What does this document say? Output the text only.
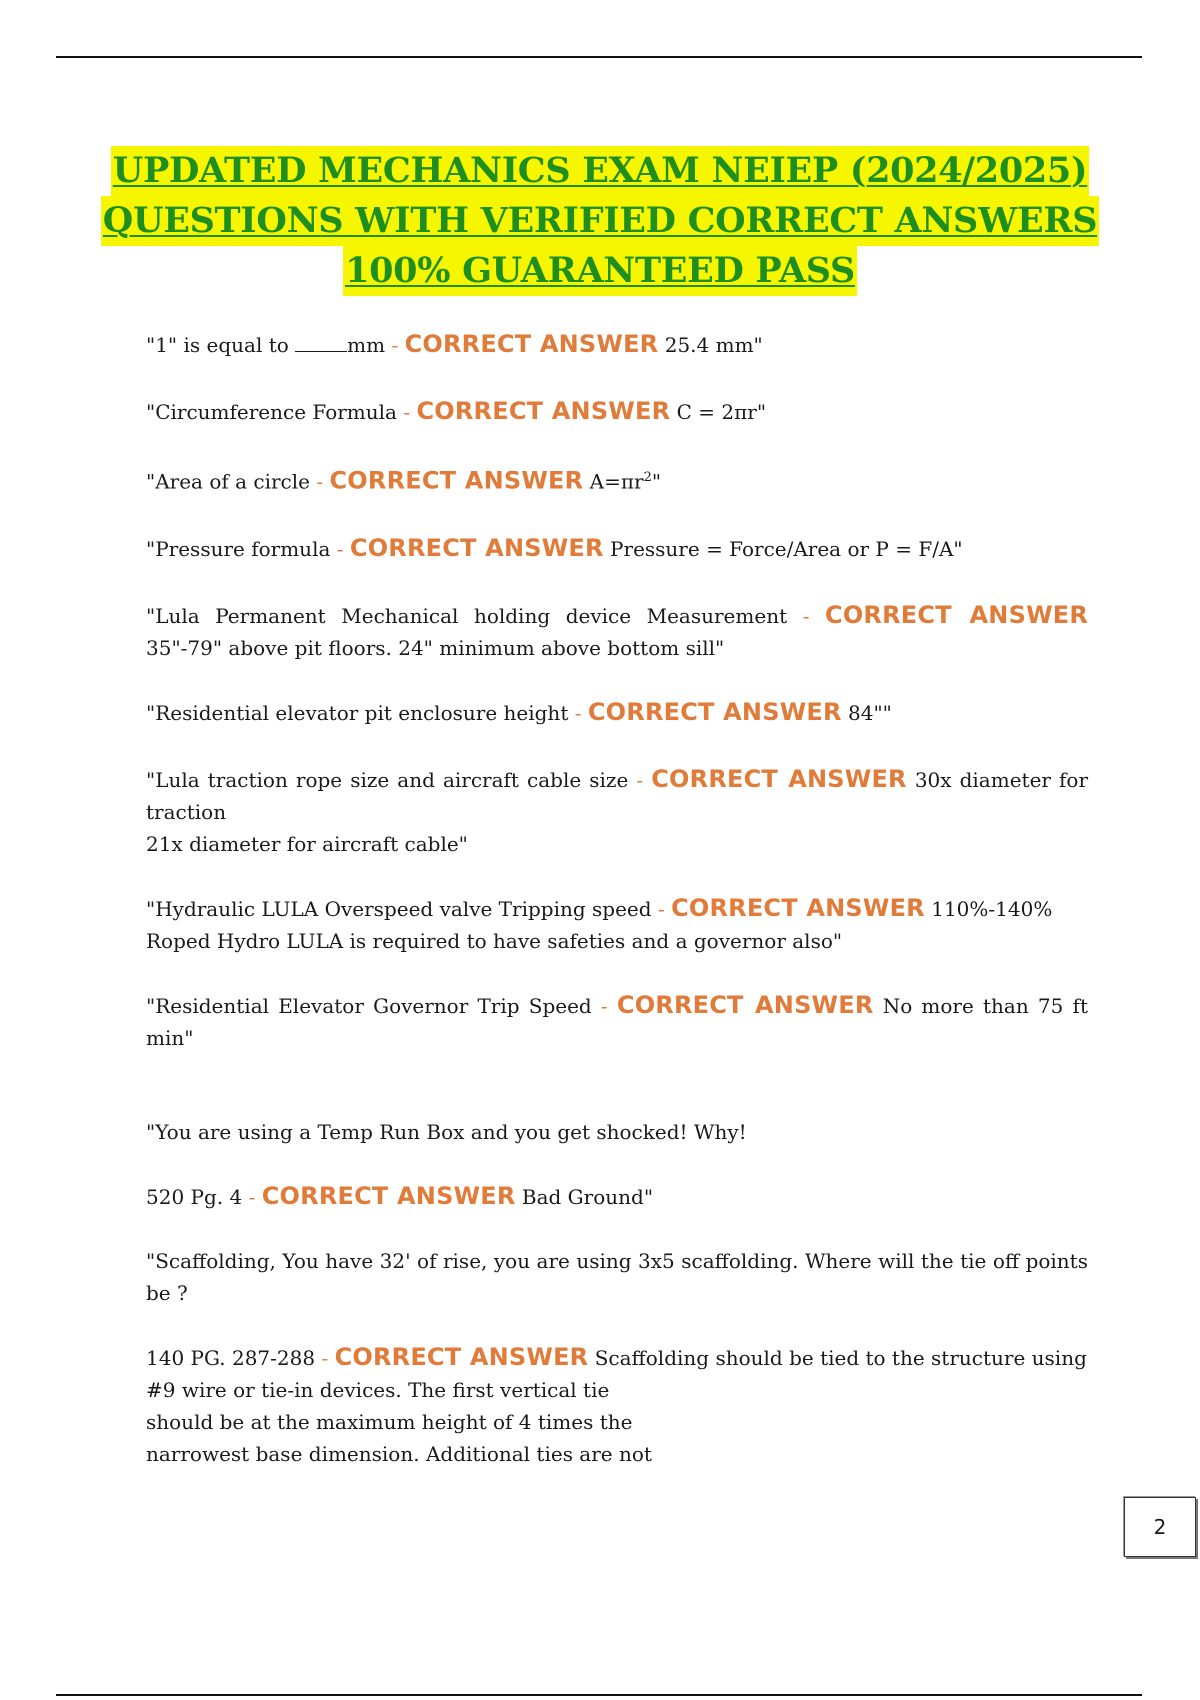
UPDATED MECHANICS EXAM NEIEP (2024/2025)
QUESTIONS WITH VERIFIED CORRECT ANSWERS
100% GUARANTEED PASS

"1" is equal to	mm - CORRECT ANSWER 25.4 mm"

"Circumference Formula - CORRECT ANSWER C = 2πr"

"Area of a circle - CORRECT ANSWER $A=\pi r^2$"

"Pressure formula - CORRECT ANSWER Pressure = Force/Area or P = F/A"

"Lula Permanent Mechanical holding device Measurement - CORRECT ANSWER 35"-79" above pit floors. 24" minimum above bottom sill"

"Residential elevator pit enclosure height - CORRECT ANSWER 84""

"Lula traction rope size and aircraft cable size - CORRECT ANSWER 30x diameter for traction
21x diameter for aircraft cable"

"Hydraulic LULA Overspeed valve Tripping speed - CORRECT ANSWER 110%-140%
Roped Hydro LULA is required to have safeties and a governor also"

"Residential Elevator Governor Trip Speed - CORRECT ANSWER No more than 75 ft min"

"You are using a Temp Run Box and you get shocked! Why!

520 Pg. 4 - CORRECT ANSWER Bad Ground"

"Scaffolding, You have 32' of rise, you are using 3x5 scaffolding. Where will the tie off points be ?

140 PG. 287-288 - CORRECT ANSWER Scaffolding should be tied to the structure using
#9 wire or tie-in devices. The first vertical tie
should be at the maximum height of 4 times the
narrowest base dimension. Additional ties are not

2
